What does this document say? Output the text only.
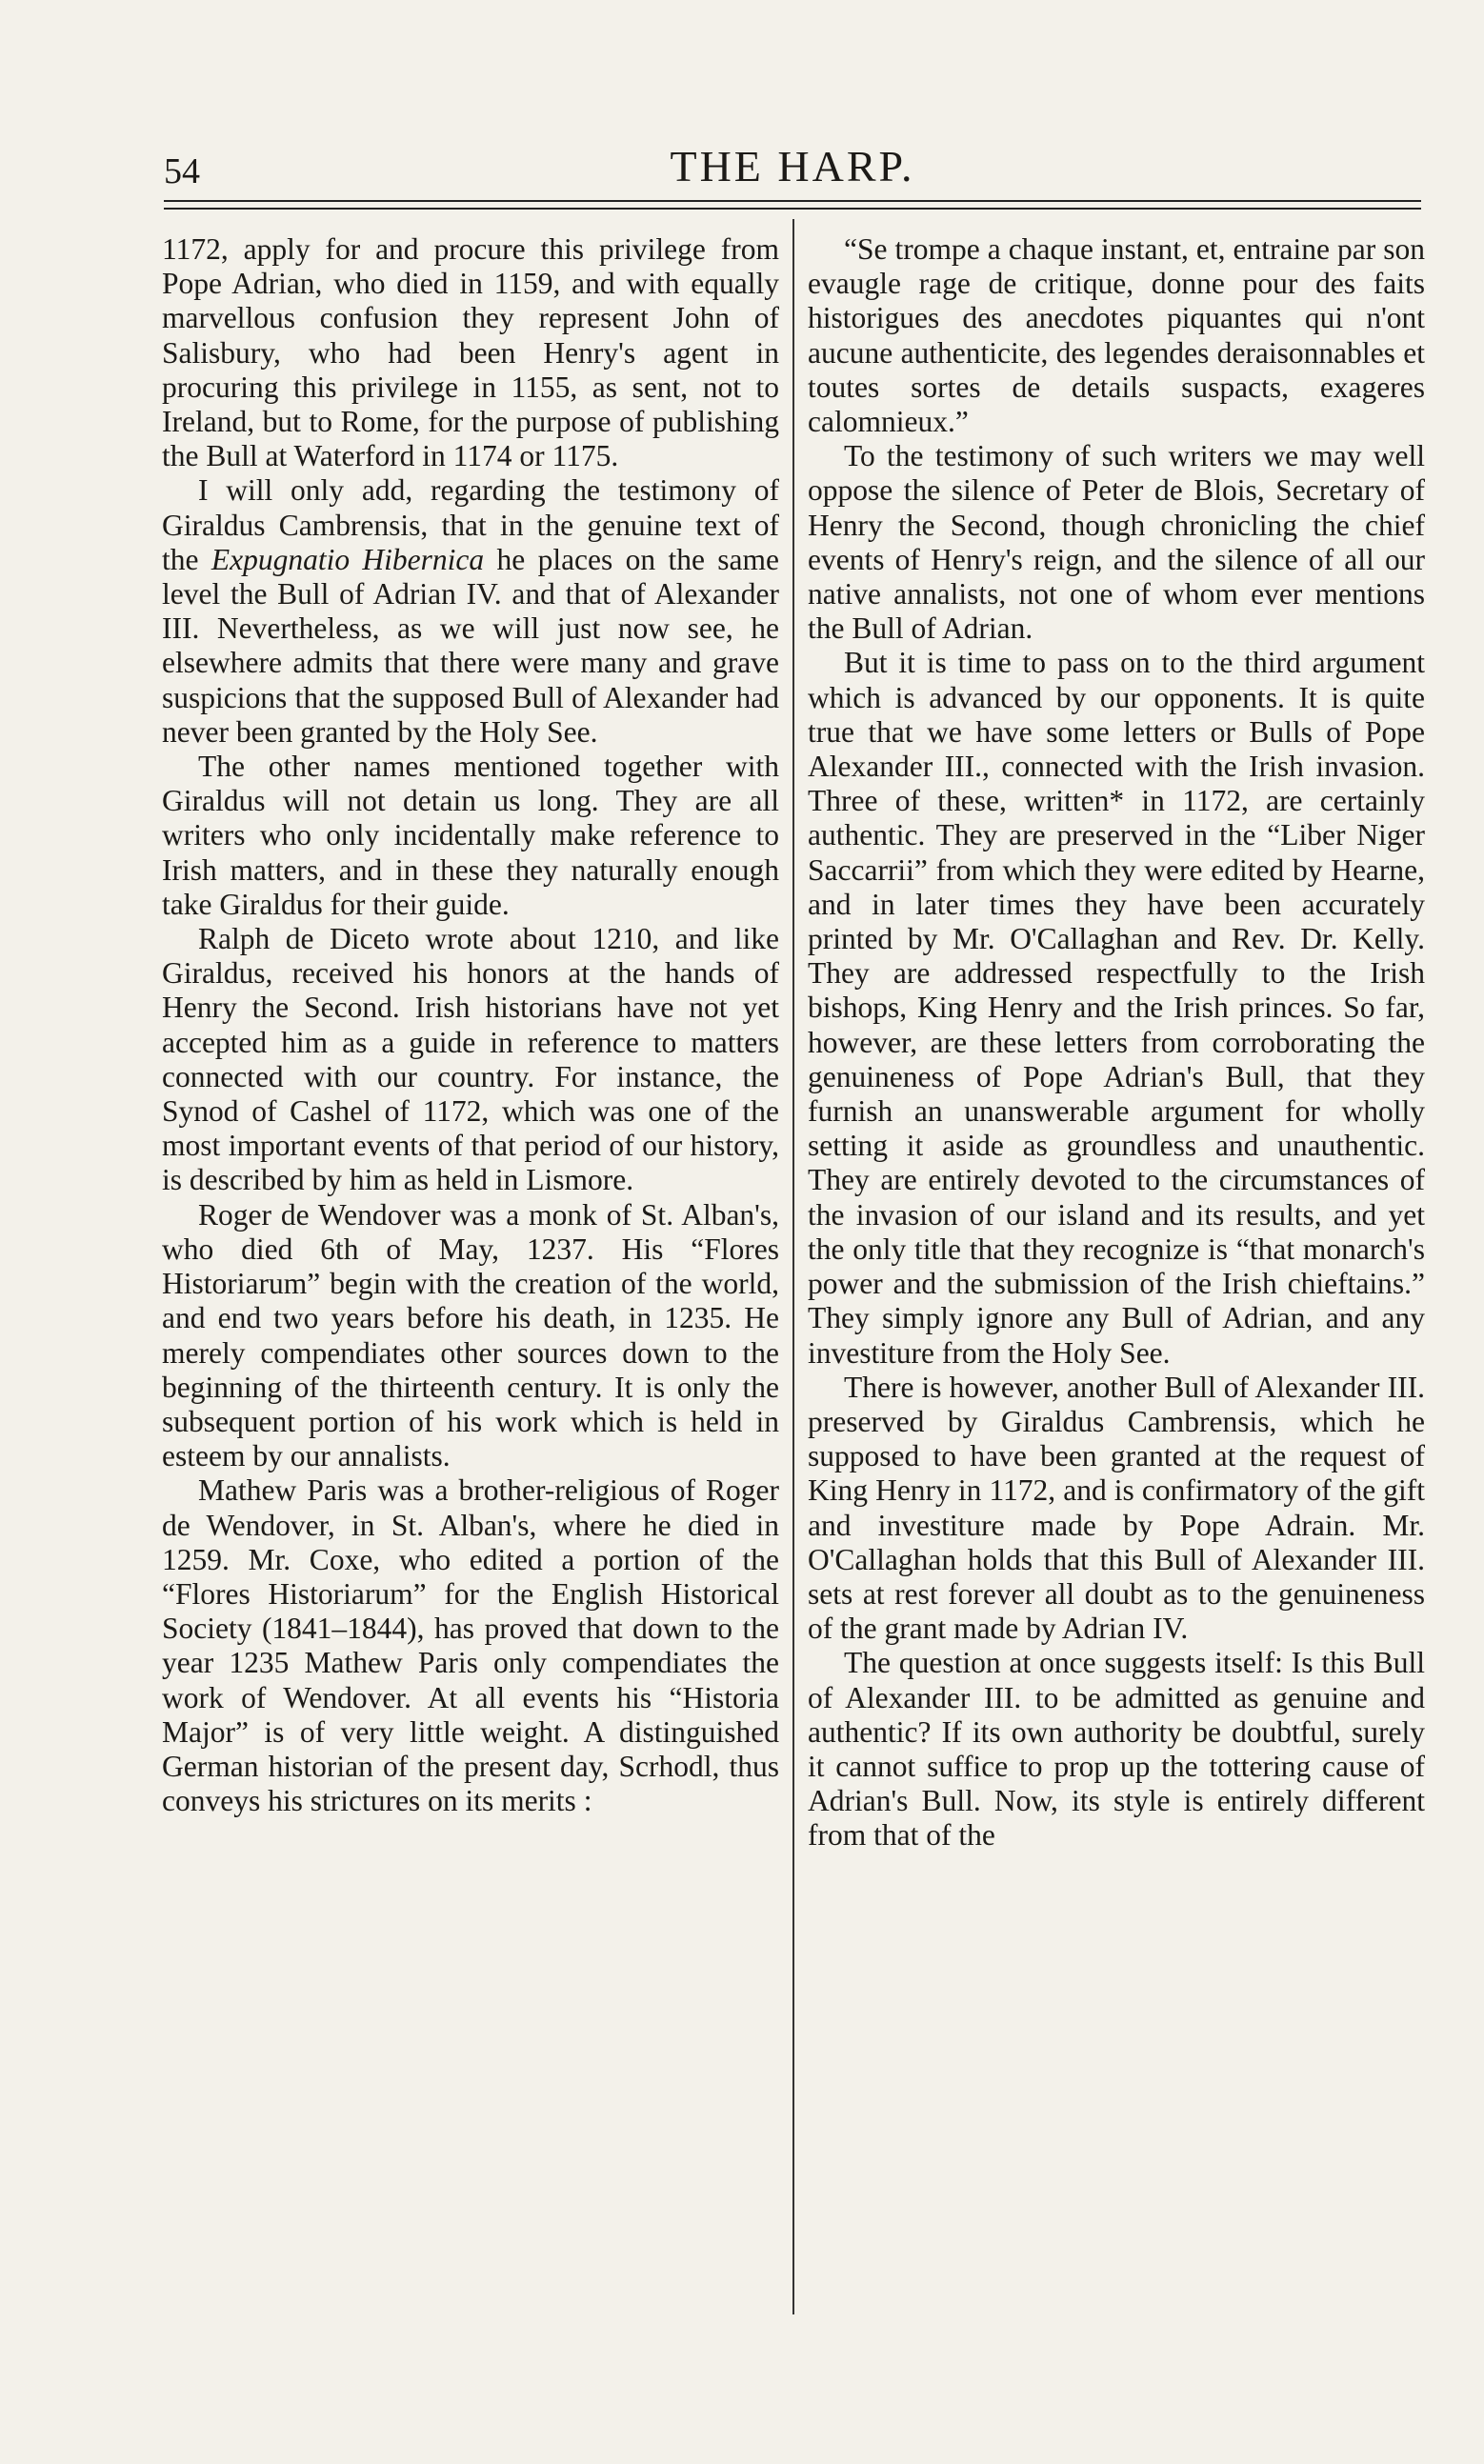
54	THE HARP.

1172, apply for and procure this privilege from Pope Adrian, who died in 1159, and with equally marvellous confusion they represent John of Salisbury, who had been Henry's agent in procuring this privilege in 1155, as sent, not to Ireland, but to Rome, for the purpose of publishing the Bull at Waterford in 1174 or 1175.

I will only add, regarding the testimony of Giraldus Cambrensis, that in the genuine text of the Expugnatio Hibernica he places on the same level the Bull of Adrian IV. and that of Alexander III. Nevertheless, as we will just now see, he elsewhere admits that there were many and grave suspicions that the supposed Bull of Alexander had never been granted by the Holy See.

The other names mentioned together with Giraldus will not detain us long. They are all writers who only incidentally make reference to Irish matters, and in these they naturally enough take Giraldus for their guide.

Ralph de Diceto wrote about 1210, and like Giraldus, received his honors at the hands of Henry the Second. Irish historians have not yet accepted him as a guide in reference to matters connected with our country. For instance, the Synod of Cashel of 1172, which was one of the most important events of that period of our history, is described by him as held in Lismore.

Roger de Wendover was a monk of St. Alban's, who died 6th of May, 1237. His “Flores Historiarum” begin with the creation of the world, and end two years before his death, in 1235. He merely compendiates other sources down to the beginning of the thirteenth century. It is only the subsequent portion of his work which is held in esteem by our annalists.

Mathew Paris was a brother-religious of Roger de Wendover, in St. Alban's, where he died in 1259. Mr. Coxe, who edited a portion of the “Flores Historiarum” for the English Historical Society (1841–1844), has proved that down to the year 1235 Mathew Paris only compendiates the work of Wendover. At all events his “Historia Major” is of very little weight. A distinguished German historian of the present day, Scrhodl, thus conveys his strictures on its merits :

“Se trompe a chaque instant, et, entraine par son evaugle rage de critique, donne pour des faits historigues des anecdotes piquantes qui n'ont aucune authenticite, des legendes deraisonnables et toutes sortes de details suspacts, exageres calomnieux.”

To the testimony of such writers we may well oppose the silence of Peter de Blois, Secretary of Henry the Second, though chronicling the chief events of Henry's reign, and the silence of all our native annalists, not one of whom ever mentions the Bull of Adrian.

But it is time to pass on to the third argument which is advanced by our opponents. It is quite true that we have some letters or Bulls of Pope Alexander III., connected with the Irish invasion. Three of these, written* in 1172, are certainly authentic. They are preserved in the “Liber Niger Saccarrii” from which they were edited by Hearne, and in later times they have been accurately printed by Mr. O'Callaghan and Rev. Dr. Kelly. They are addressed respectfully to the Irish bishops, King Henry and the Irish princes. So far, however, are these letters from corroborating the genuineness of Pope Adrian's Bull, that they furnish an unanswerable argument for wholly setting it aside as groundless and unauthentic. They are entirely devoted to the circumstances of the invasion of our island and its results, and yet the only title that they recognize is “that monarch's power and the submission of the Irish chieftains.” They simply ignore any Bull of Adrian, and any investiture from the Holy See.

There is however, another Bull of Alexander III. preserved by Giraldus Cambrensis, which he supposed to have been granted at the request of King Henry in 1172, and is confirmatory of the gift and investiture made by Pope Adrain. Mr. O'Callaghan holds that this Bull of Alexander III. sets at rest forever all doubt as to the genuineness of the grant made by Adrian IV.

The question at once suggests itself: Is this Bull of Alexander III. to be admitted as genuine and authentic? If its own authority be doubtful, surely it cannot suffice to prop up the tottering cause of Adrian's Bull. Now, its style is entirely different from that of the
